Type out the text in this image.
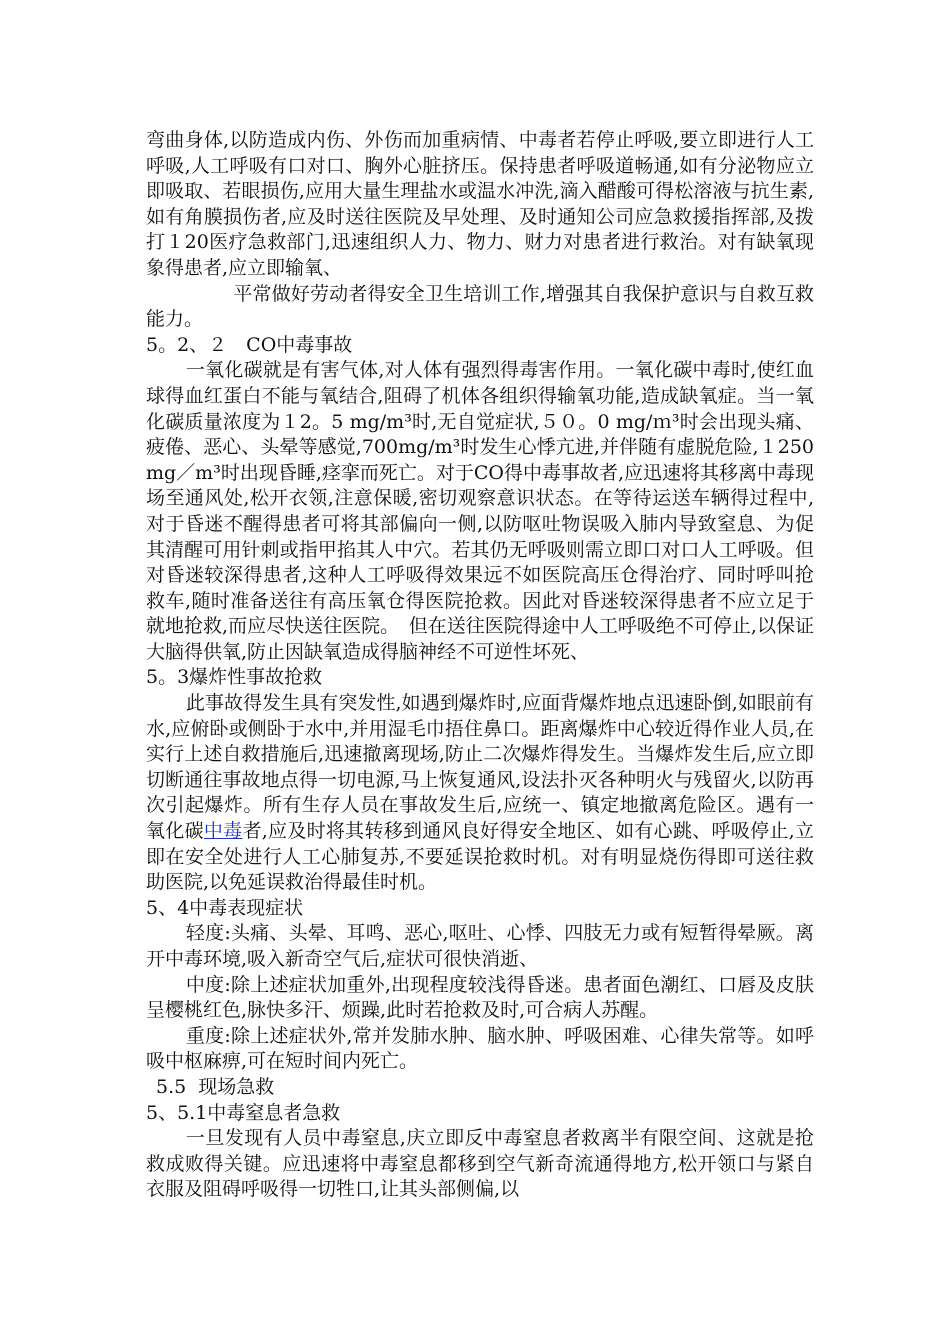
弯曲身体,以防造成内伤、外伤而加重病情、中毒者若停止呼吸,要立即进行人工呼吸,人工呼吸有口对口、胸外心脏挤压。保持患者呼吸道畅通,如有分泌物应立即吸取、若眼损伤,应用大量生理盐水或温水冲洗,滴入醋酸可得松溶液与抗生素,如有角膜损伤者,应及时送往医院及早处理、及时通知公司应急救援指挥部,及拨打１20医疗急救部门,迅速组织人力、物力、财力对患者进行救治。对有缺氧现象得患者,应立即输氧、

平常做好劳动者得安全卫生培训工作,增强其自我保护意识与自救互救能力。

5。2、２　CO中毒事故

一氧化碳就是有害气体,对人体有强烈得毒害作用。一氧化碳中毒时,使红血球得血红蛋白不能与氧结合,阻碍了机体各组织得输氧功能,造成缺氧症。当一氧化碳质量浓度为１2。5 mg/m³时,无自觉症状,５０。0 mg/ｍ³时会出现头痛、疲倦、恶心、头晕等感觉,700mg/m³时发生心悸亢进,并伴随有虚脱危险,１250mg／m³时出现昏睡,痉挛而死亡。对于CO得中毒事故者,应迅速将其移离中毒现场至通风处,松开衣领,注意保暖,密切观察意识状态。在等待运送车辆得过程中,对于昏迷不醒得患者可将其部偏向一侧,以防呕吐物误吸入肺内导致窒息、为促其清醒可用针刺或指甲掐其人中穴。若其仍无呼吸则需立即口对口人工呼吸。但对昏迷较深得患者,这种人工呼吸得效果远不如医院高压仓得治疗、同时呼叫抢救车,随时准备送往有高压氧仓得医院抢救。因此对昏迷较深得患者不应立足于就地抢救,而应尽快送往医院。　但在送往医院得途中人工呼吸绝不可停止,以保证大脑得供氧,防止因缺氧造成得脑神经不可逆性坏死、

5。3爆炸性事故抢救

此事故得发生具有突发性,如遇到爆炸时,应面背爆炸地点迅速卧倒,如眼前有水,应俯卧或侧卧于水中,并用湿毛巾捂住鼻口。距离爆炸中心较近得作业人员,在实行上述自救措施后,迅速撤离现场,防止二次爆炸得发生。当爆炸发生后,应立即切断通往事故地点得一切电源,马上恢复通风,设法扑灭各种明火与残留火,以防再次引起爆炸。所有生存人员在事故发生后,应统一、镇定地撤离危险区。遇有一氧化碳中毒者,应及时将其转移到通风良好得安全地区、如有心跳、呼吸停止,立即在安全处进行人工心肺复苏,不要延误抢救时机。对有明显烧伤得即可送往救助医院,以免延误救治得最佳时机。

5、4中毒表现症状

轻度:头痛、头晕、耳鸣、恶心,呕吐、心悸、四肢无力或有短暂得晕厥。离开中毒环境,吸入新奇空气后,症状可很快消逝、

中度:除上述症状加重外,出现程度较浅得昏迷。患者面色潮红、口唇及皮肤呈樱桃红色,脉快多汗、烦躁,此时若抢救及时,可合病人苏醒。

重度:除上述症状外,常并发肺水肿、脑水肿、呼吸困难、心律失常等。如呼吸中枢麻痹,可在短时间内死亡。

5.5  现场急救

5、5.1中毒窒息者急救

一旦发现有人员中毒窒息,庆立即反中毒窒息者救离半有限空间、这就是抢救成败得关键。应迅速将中毒窒息都移到空气新奇流通得地方,松开领口与紧自衣服及阻碍呼吸得一切牲口,让其头部侧偏,以
